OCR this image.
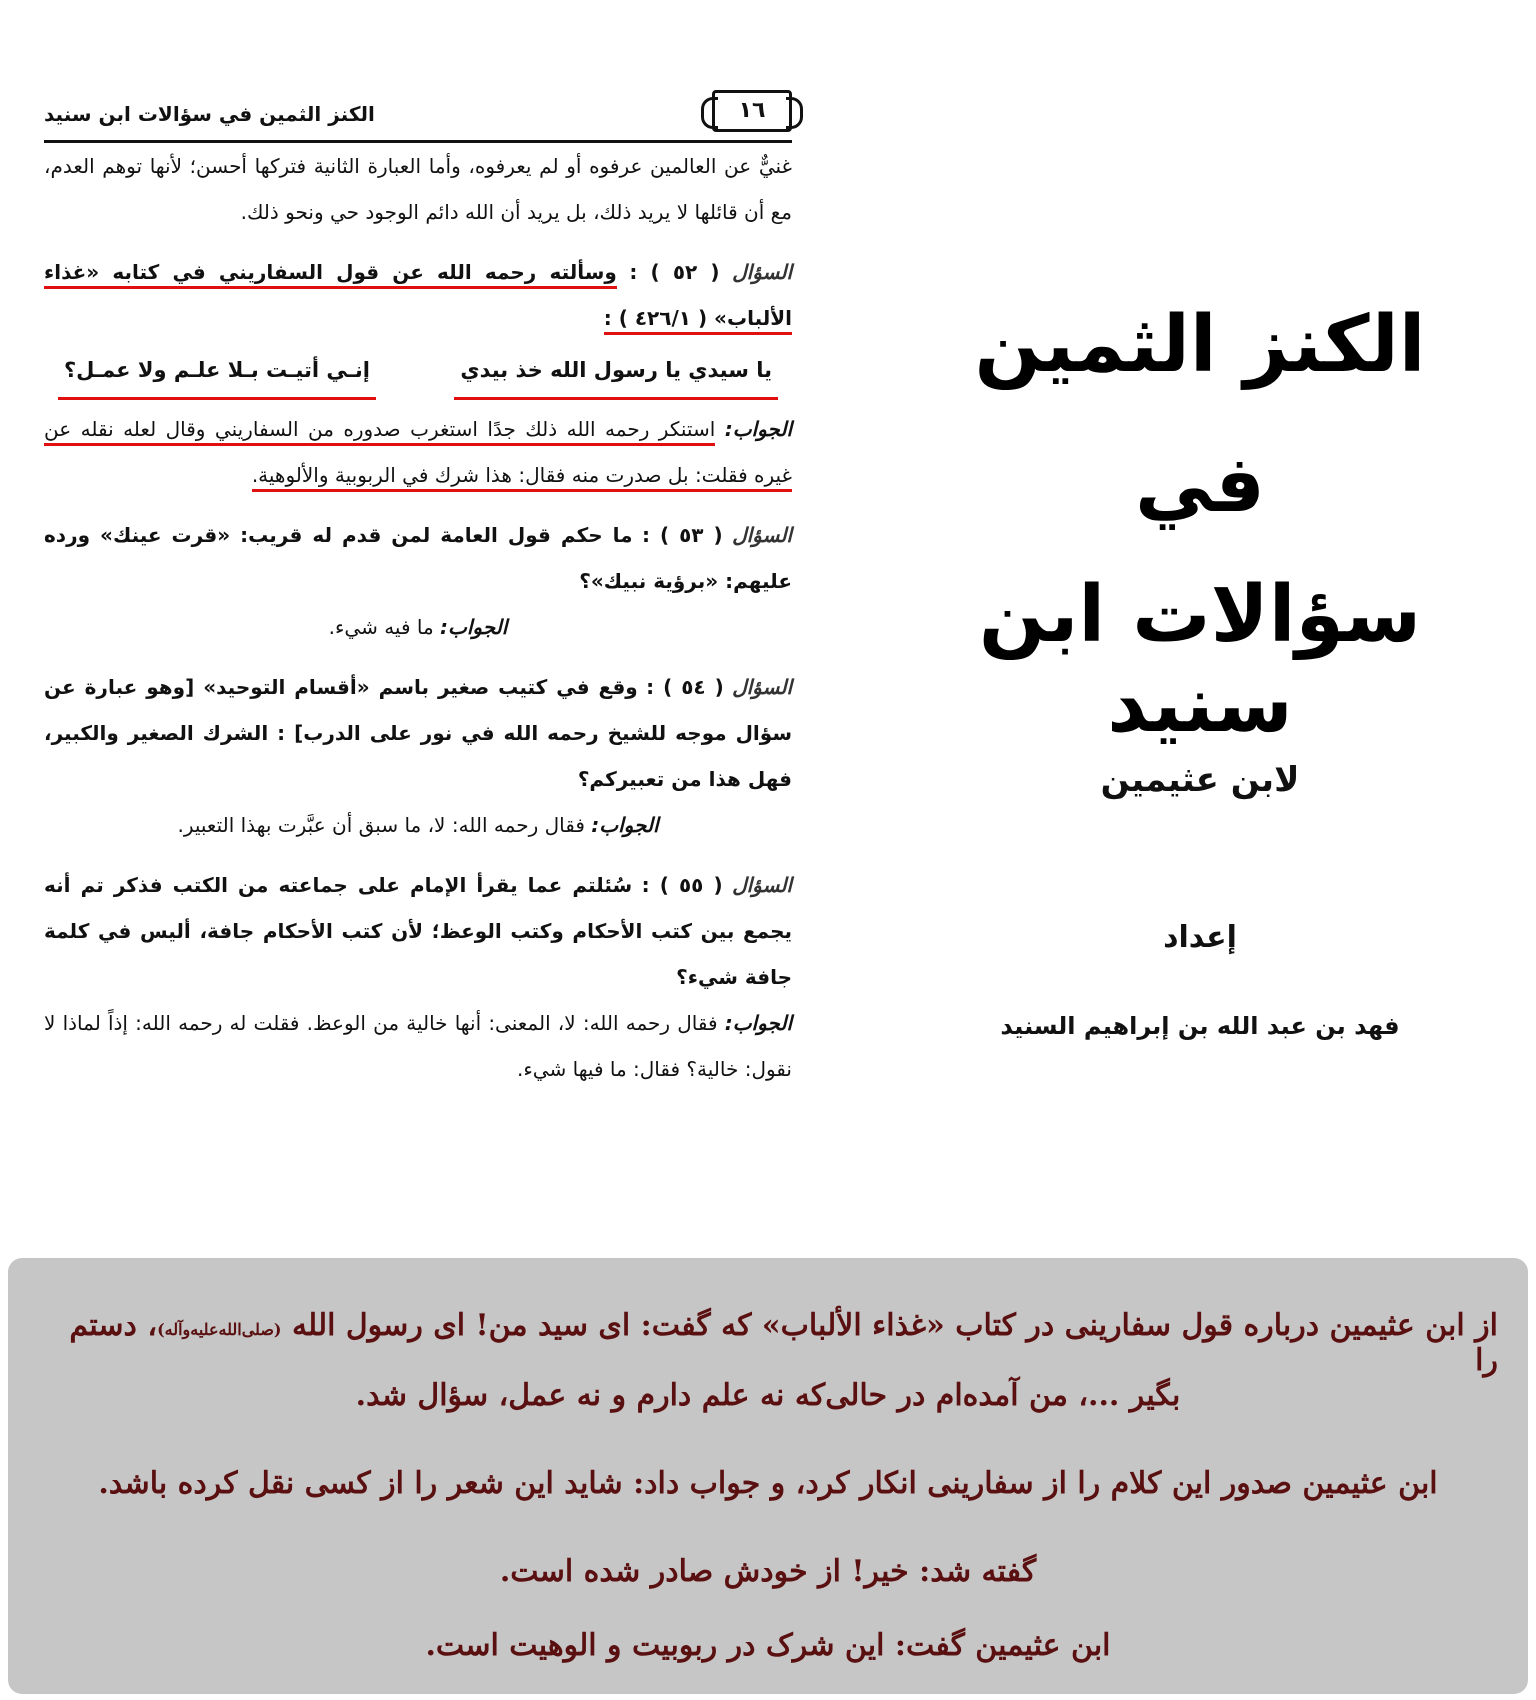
١٦
الكنز الثمين في سؤالات ابن سنيد

غنيٌّ عن العالمين عرفوه أو لم يعرفوه، وأما العبارة الثانية فتركها أحسن؛ لأنها توهم العدم، مع أن قائلها لا يريد ذلك، بل يريد أن الله دائم الوجود حي ونحو ذلك.

السؤال ( ٥٢ ) : وسألته رحمه الله عن قول السفاريني في كتابه «غذاء الألباب» ( ٤٢٦/١ ) :

يا سيدي يا رسول الله خذ بيدي
إنـي أتيـت بـلا علـم ولا عمـل؟

الجواب: استنكر رحمه الله ذلك جدًا استغرب صدوره من السفاريني وقال لعله نقله عن غيره فقلت: بل صدرت منه فقال: هذا شرك في الربوبية والألوهية.

السؤال ( ٥٣ ) : ما حكم قول العامة لمن قدم له قريب: «قرت عينك» ورده عليهم: «برؤية نبيك»؟

الجواب: ما فيه شيء.

السؤال ( ٥٤ ) : وقع في كتيب صغير باسم «أقسام التوحيد» [وهو عبارة عن سؤال موجه للشيخ رحمه الله في نور على الدرب] : الشرك الصغير والكبير، فهل هذا من تعبيركم؟

الجواب: فقال رحمه الله: لا، ما سبق أن عبَّرت بهذا التعبير.

السؤال ( ٥٥ ) : سُئلتم عما يقرأ الإمام على جماعته من الكتب فذكر تم أنه يجمع بين كتب الأحكام وكتب الوعظ؛ لأن كتب الأحكام جافة، أليس في كلمة جافة شيء؟

الجواب: فقال رحمه الله: لا، المعنى: أنها خالية من الوعظ. فقلت له رحمه الله: إذاً لماذا لا نقول: خالية؟ فقال: ما فيها شيء.

الكنز الثمين
في
سؤالات ابن سنيد
لابن عثيمين
إعداد
فهد بن عبد الله بن إبراهيم السنيد
از ابن عثیمین درباره قول سفارینی در کتاب «غذاء الألباب» که گفت: ای سید من! ای رسول الله (صلی‌الله‌علیه‌وآله)، دستم را
بگیر ...، من آمده‌ام در حالی‌که نه علم دارم و نه عمل، سؤال شد.
ابن عثیمین صدور این کلام را از سفارینی انکار کرد، و جواب داد: شاید این شعر را از کسی نقل کرده باشد.
گفته شد: خیر! از خودش صادر شده است.
ابن عثیمین گفت: این شرک در ربوبیت و الوهیت است.
